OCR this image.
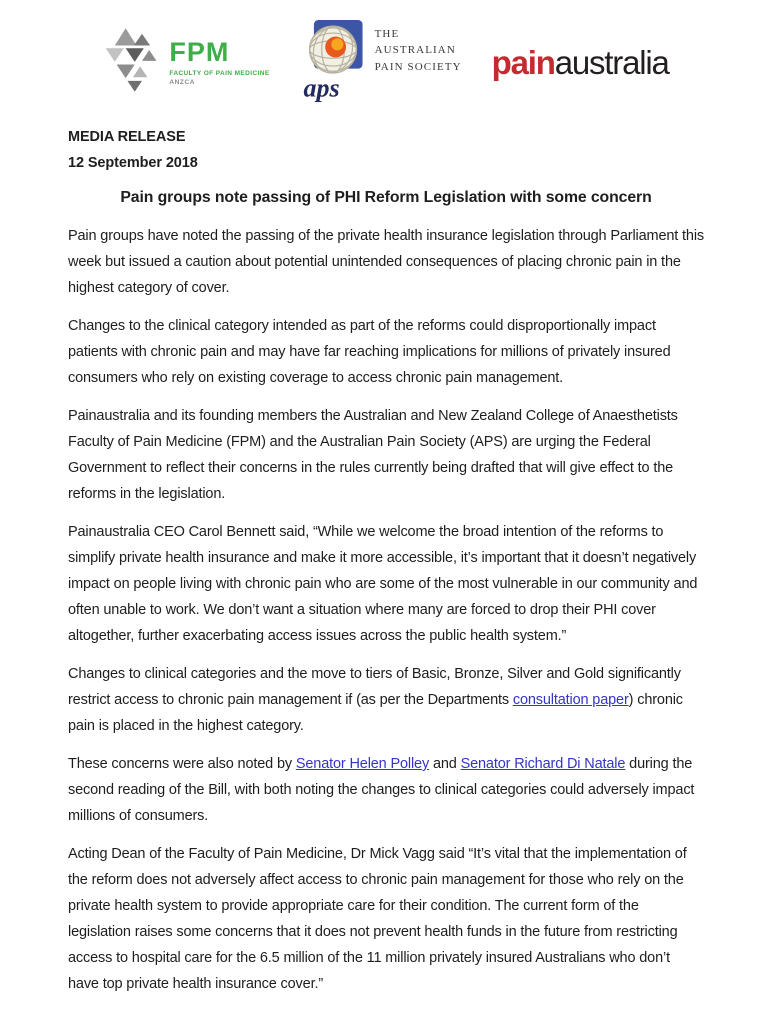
FPM
FACULTY OF PAIN MEDICINE
ANZCA	aps
THE
AUSTRALIAN
PAIN SOCIETY painaustralia
MEDIA RELEASE
12 September 2018
Pain groups note passing of PHI Reform Legislation with some concern

Pain groups have noted the passing of the private health insurance legislation through Parliament this week but issued a caution about potential unintended consequences of placing chronic pain in the highest category of cover.

Changes to the clinical category intended as part of the reforms could disproportionally impact patients with chronic pain and may have far reaching implications for millions of privately insured consumers who rely on existing coverage to access chronic pain management.

Painaustralia and its founding members the Australian and New Zealand College of Anaesthetists Faculty of Pain Medicine (FPM) and the Australian Pain Society (APS) are urging the Federal Government to reflect their concerns in the rules currently being drafted that will give effect to the reforms in the legislation.

Painaustralia CEO Carol Bennett said, “While we welcome the broad intention of the reforms to simplify private health insurance and make it more accessible, it’s important that it doesn’t negatively impact on people living with chronic pain who are some of the most vulnerable in our community and often unable to work. We don’t want a situation where many are forced to drop their PHI cover altogether, further exacerbating access issues across the public health system.”

Changes to clinical categories and the move to tiers of Basic, Bronze, Silver and Gold significantly restrict access to chronic pain management if (as per the Departments consultation paper) chronic pain is placed in the highest category.

These concerns were also noted by Senator Helen Polley and Senator Richard Di Natale during the second reading of the Bill, with both noting the changes to clinical categories could adversely impact millions of consumers.

Acting Dean of the Faculty of Pain Medicine, Dr Mick Vagg said “It’s vital that the implementation of the reform does not adversely affect access to chronic pain management for those who rely on the private health system to provide appropriate care for their condition. The current form of the legislation raises some concerns that it does not prevent health funds in the future from restricting access to hospital care for the 6.5 million of the 11 million privately insured Australians who don’t have top private health insurance cover.”
